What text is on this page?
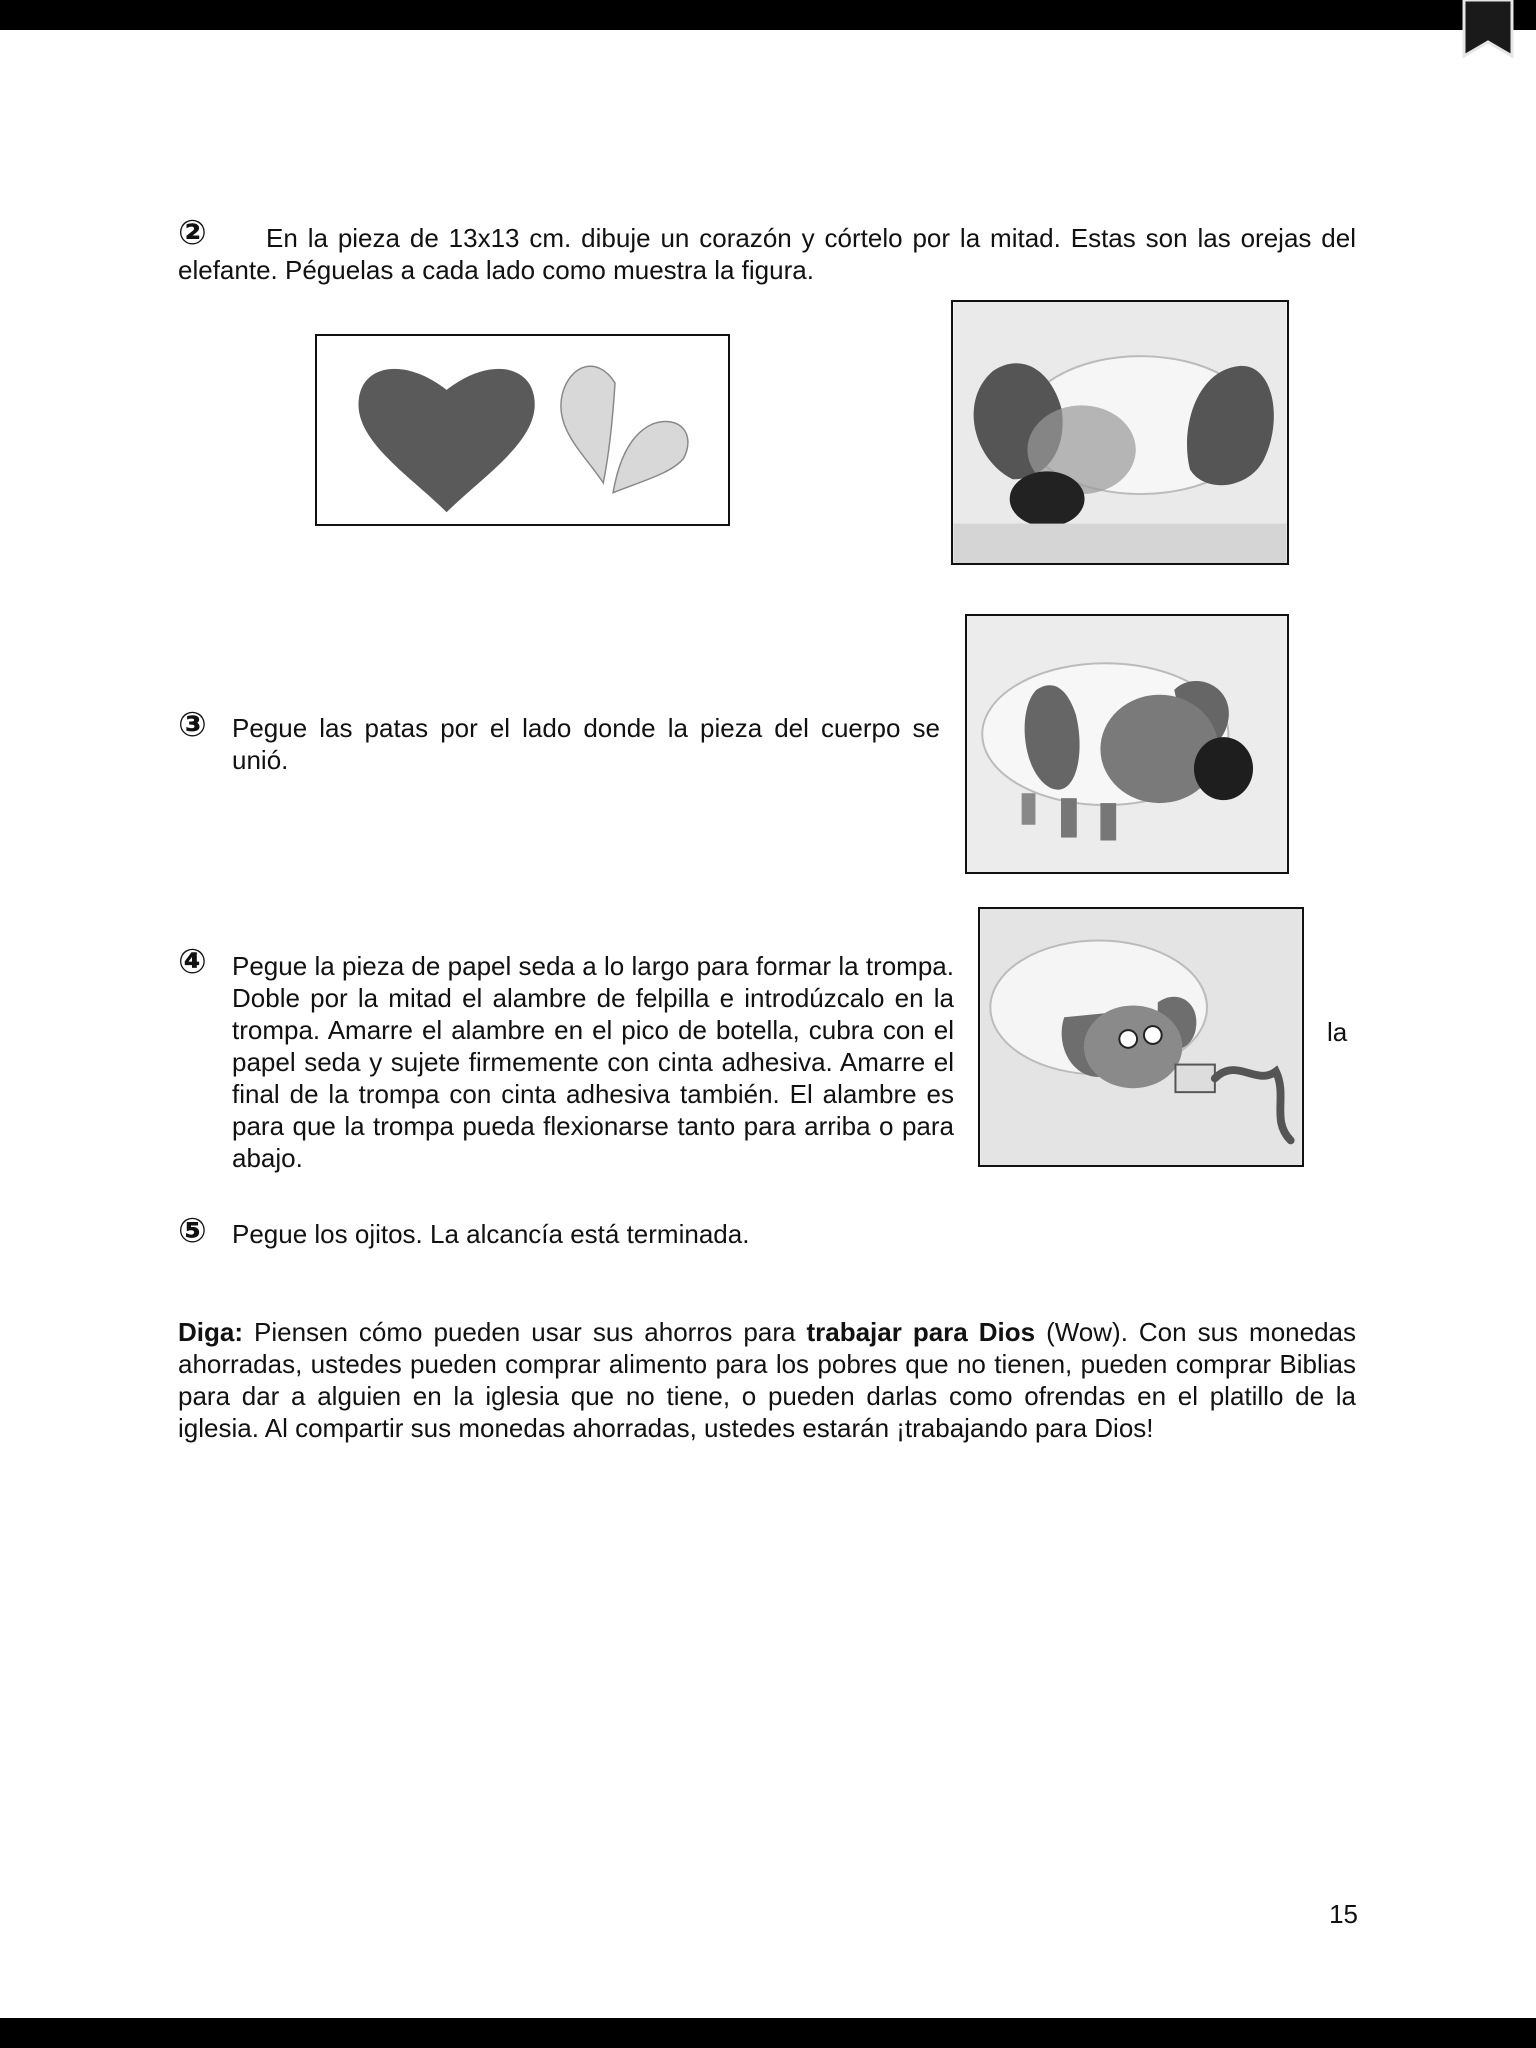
②	En la pieza de 13x13 cm. dibuje un corazón y córtelo por la mitad. Estas son las orejas del elefante. Péguelas a cada lado como muestra la figura.
③ Pegue las patas por el lado donde la pieza del cuerpo se unió.
④ Pegue la pieza de papel seda a lo largo para formar la trompa. Doble por la mitad el alambre de felpilla e introdúzcalo en la trompa. Amarre el alambre en el pico de botella, cubra con el papel seda y sujete firmemente con cinta adhesiva. Amarre el final de la trompa con cinta adhesiva también. El alambre es para que la trompa pueda flexionarse tanto para arriba o para abajo.
la
⑤ Pegue los ojitos. La alcancía está terminada.
Diga: Piensen cómo pueden usar sus ahorros para trabajar para Dios (Wow). Con sus monedas ahorradas, ustedes pueden comprar alimento para los pobres que no tienen, pueden comprar Biblias para dar a alguien en la iglesia que no tiene, o pueden darlas como ofrendas en el platillo de la iglesia. Al compartir sus monedas ahorradas, ustedes estarán ¡trabajando para Dios!
15
